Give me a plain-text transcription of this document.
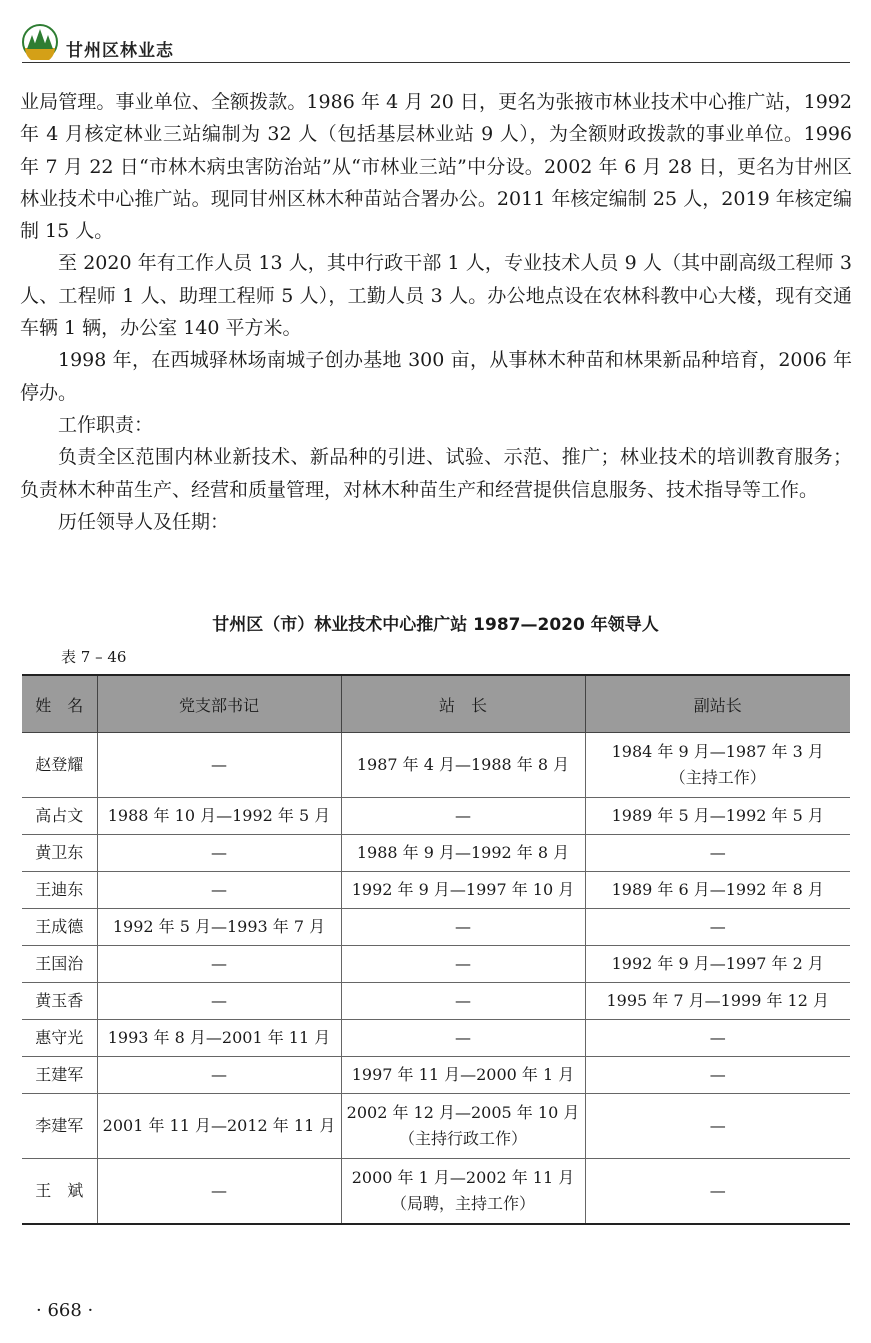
甘州区林业志

业局管理。事业单位、全额拨款。1986 年 4 月 20 日，更名为张掖市林业技术中心推广站，1992 年 4 月核定林业三站编制为 32 人（包括基层林业站 9 人），为全额财政拨款的事业单位。1996 年 7 月 22 日“市林木病虫害防治站”从“市林业三站”中分设。2002 年 6 月 28 日，更名为甘州区林业技术中心推广站。现同甘州区林木种苗站合署办公。2011 年核定编制 25 人，2019 年核定编制 15 人。

至 2020 年有工作人员 13 人，其中行政干部 1 人，专业技术人员 9 人（其中副高级工程师 3 人、工程师 1 人、助理工程师 5 人），工勤人员 3 人。办公地点设在农林科教中心大楼，现有交通车辆 1 辆，办公室 140 平方米。

1998 年，在西城驿林场南城子创办基地 300 亩，从事林木种苗和林果新品种培育，2006 年停办。

工作职责：

负责全区范围内林业新技术、新品种的引进、试验、示范、推广；林业技术的培训教育服务；负责林木种苗生产、经营和质量管理，对林木种苗生产和经营提供信息服务、技术指导等工作。

历任领导人及任期：

甘州区（市）林业技术中心推广站 1987—2020 年领导人
表 7 – 46
姓　名	党支部书记	站　长	副站长

赵登耀	—	1987 年 4 月—1988 年 8 月	1984 年 9 月—1987 年 3 月
（主持工作）

高占文	1988 年 10 月—1992 年 5 月	—	1989 年 5 月—1992 年 5 月

黄卫东	—	1988 年 9 月—1992 年 8 月	—

王迪东	—	1992 年 9 月—1997 年 10 月	1989 年 6 月—1992 年 8 月

王成德	1992 年 5 月—1993 年 7 月	—	—

王国治	—	—	1992 年 9 月—1997 年 2 月

黄玉香	—	—	1995 年 7 月—1999 年 12 月

惠守光	1993 年 8 月—2001 年 11 月	—	—

王建军	—	1997 年 11 月—2000 年 1 月	—

李建军	2001 年 11 月—2012 年 11 月	2002 年 12 月—2005 年 10 月
（主持行政工作）	—

王　斌	—	2000 年 1 月—2002 年 11 月
（局聘，主持工作）	—
· 668 ·
